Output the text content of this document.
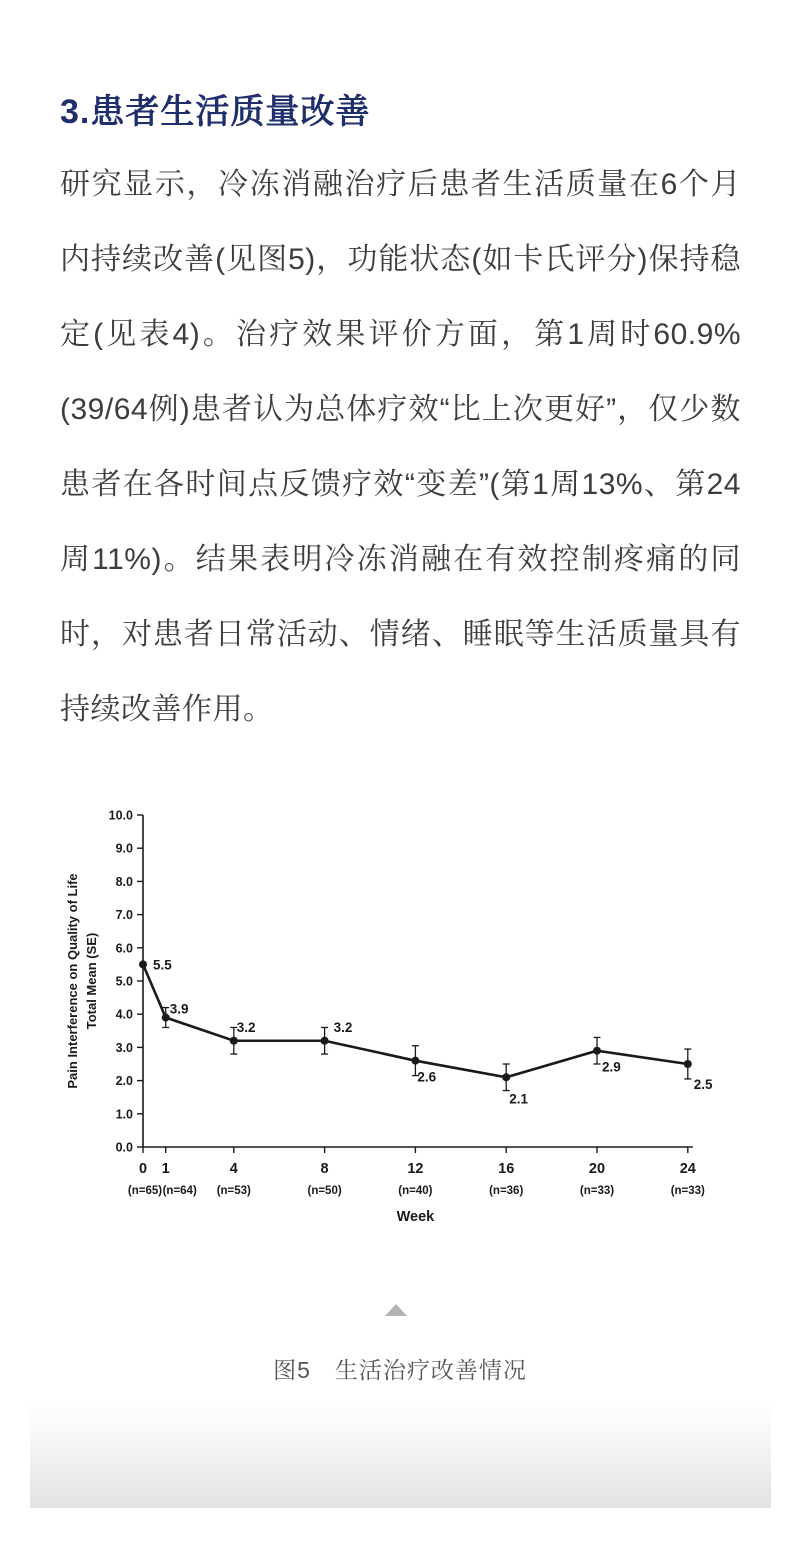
3.患者生活质量改善

研究显示，冷冻消融治疗后患者生活质量在6个月内持续改善(见图5)，功能状态(如卡氏评分)保持稳定(见表4)。治疗效果评价方面，第1周时60.9%(39/64例)患者认为总体疗效“比上次更好”，仅少数患者在各时间点反馈疗效“变差”(第1周13%、第24周11%)。结果表明冷冻消融在有效控制疼痛的同时，对患者日常活动、情绪、睡眠等生活质量具有持续改善作用。

0.0
1.0
2.0
3.0
4.0
5.0
6.0
7.0
8.0
9.0
10.0
0
(n=65)
1
(n=64)
4
(n=53)
8
(n=50)
12
(n=40)
16
(n=36)
20
(n=33)
24
(n=33)
Week
Pain Interference on Quality of Life Total Mean (SE)	5.5
3.9
3.2	3.2
2.6
2.1
2.9
2.5

图5　生活治疗改善情况
